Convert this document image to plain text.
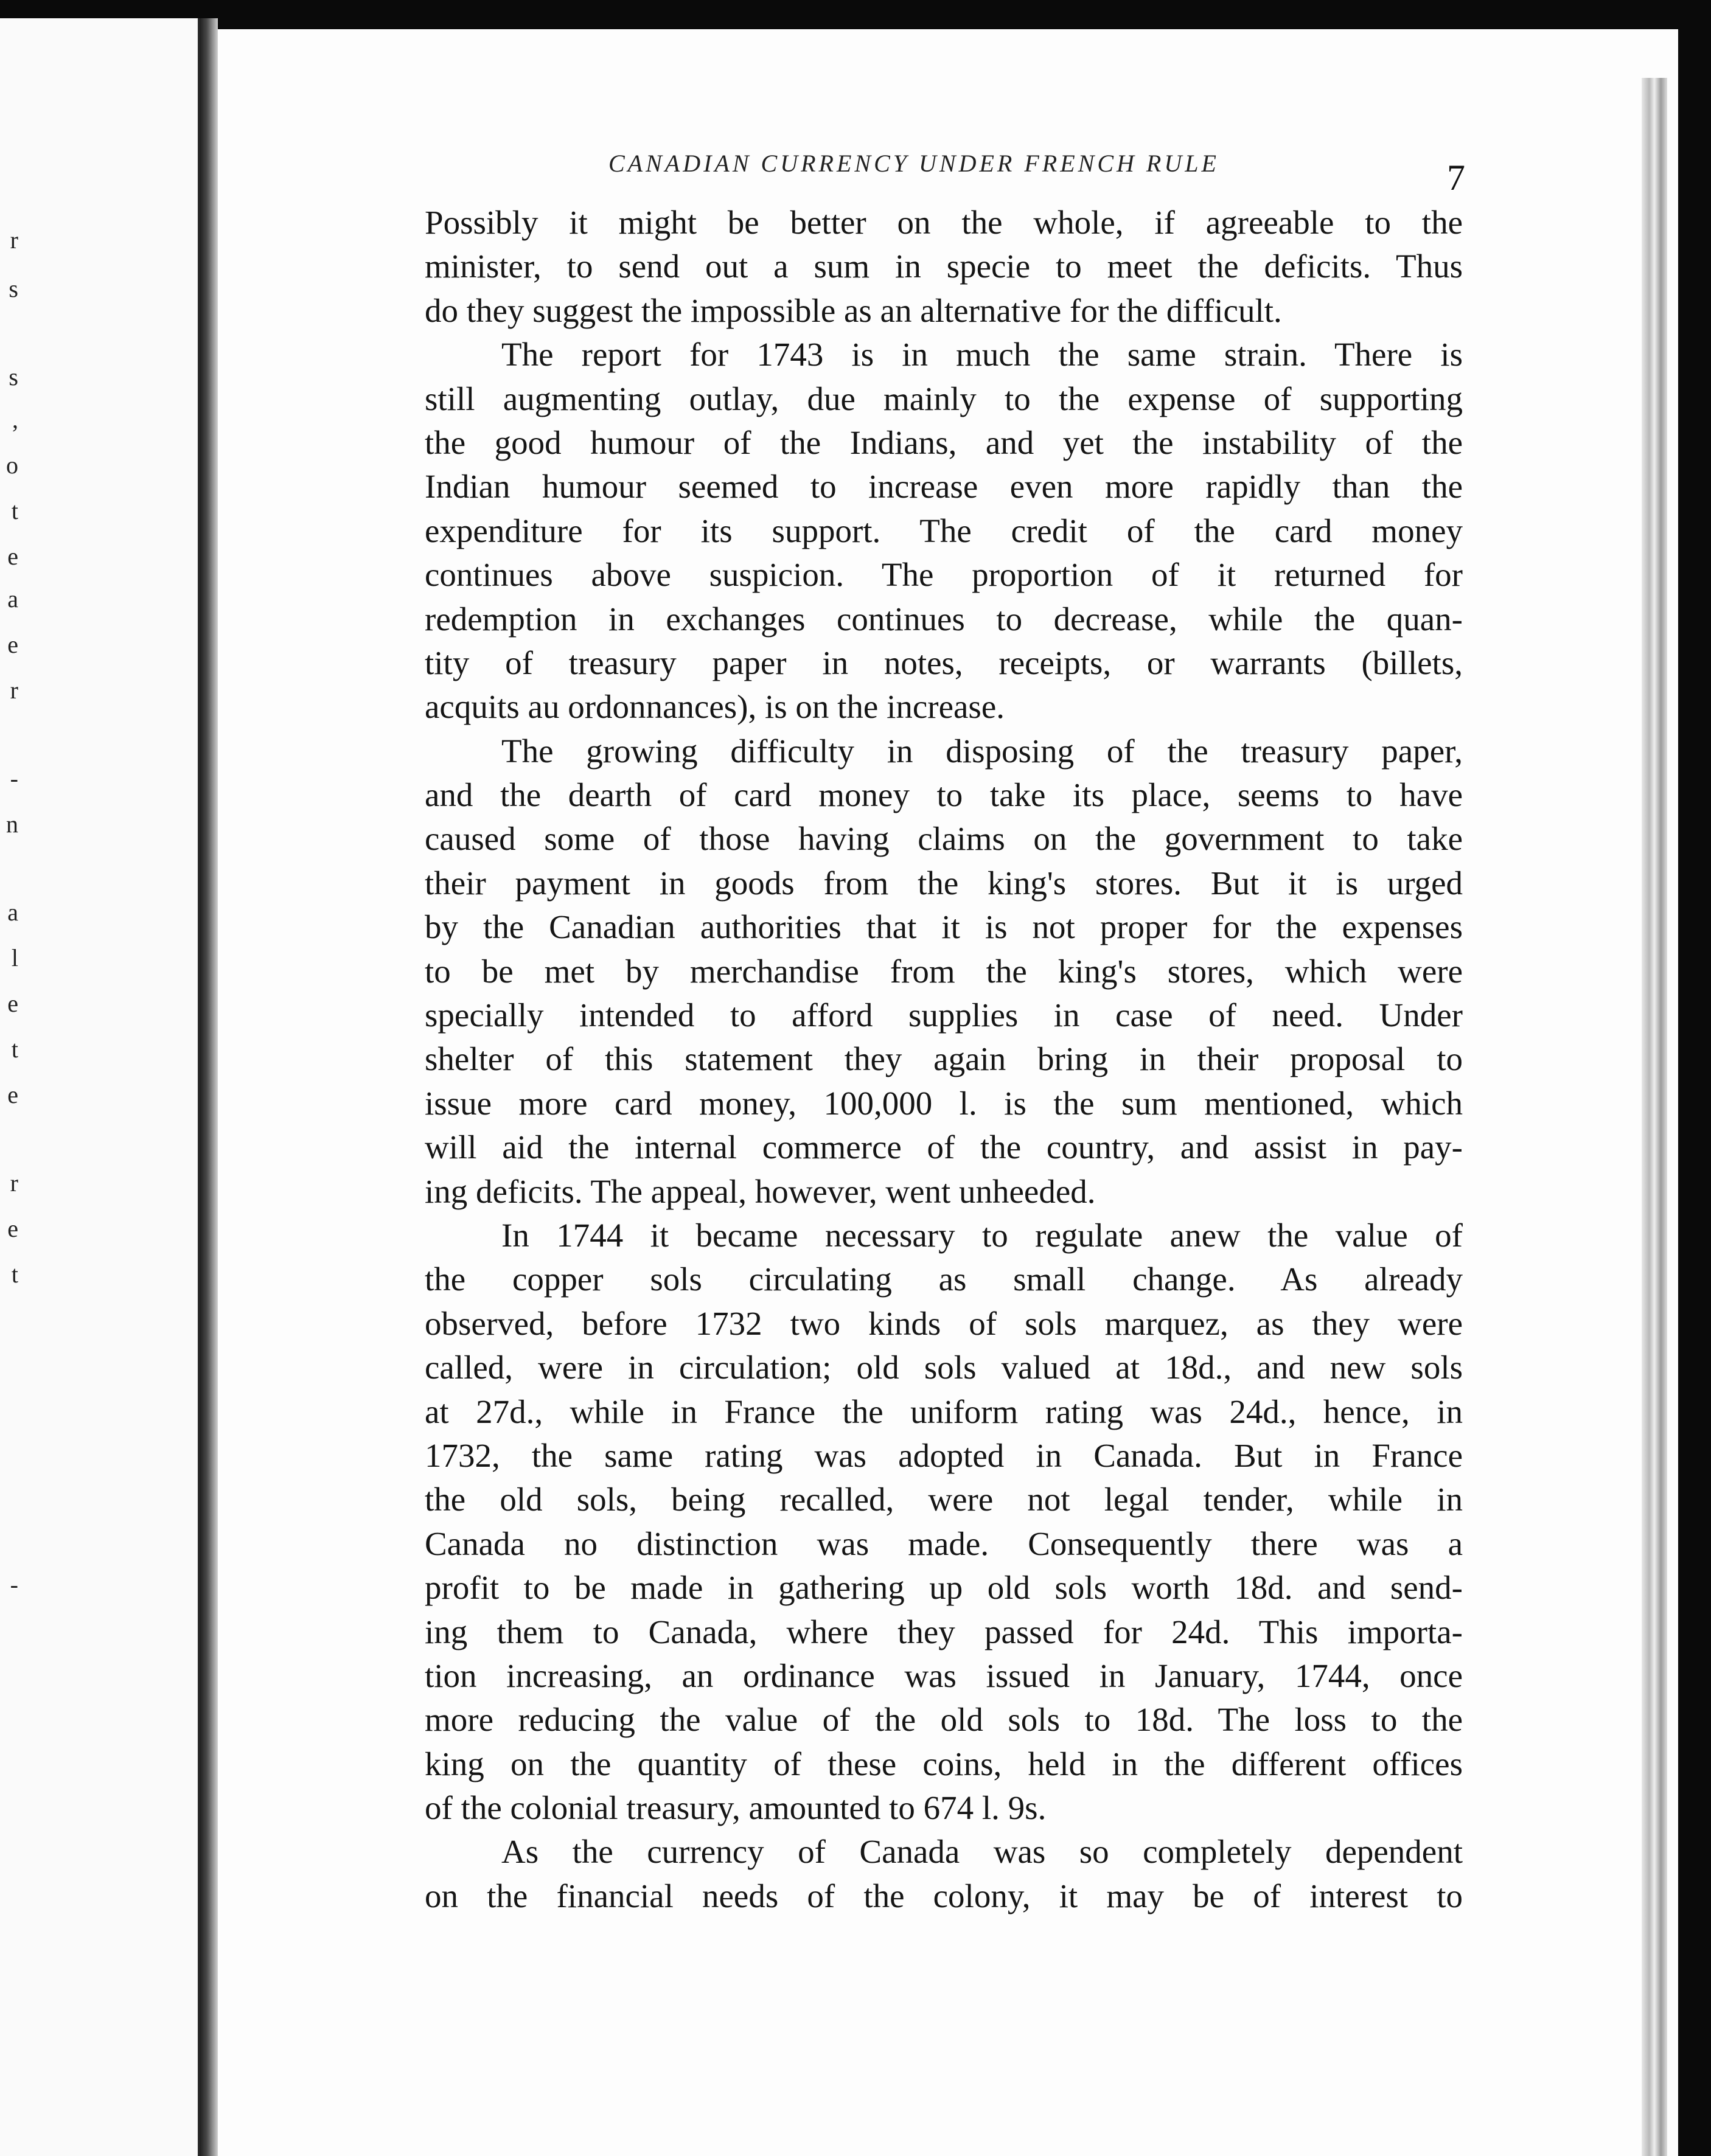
r
s
s
,
o
t
e
a
e
r
-
n
a
l
e
t
e
r
e
t
-
CANADIAN CURRENCY UNDER FRENCH RULE	7
Possibly it might be better on the whole, if agreeable to the
minister, to send out a sum in specie to meet the deficits. Thus
do they suggest the impossible as an alternative for the difficult.
The report for 1743 is in much the same strain. There is
still augmenting outlay, due mainly to the expense of supporting
the good humour of the Indians, and yet the instability of the
Indian humour seemed to increase even more rapidly than the
expenditure for its support. The credit of the card money
continues above suspicion. The proportion of it returned for
redemption in exchanges continues to decrease, while the quan-
tity of treasury paper in notes, receipts, or warrants (billets,
acquits au ordonnances), is on the increase.
The growing difficulty in disposing of the treasury paper,
and the dearth of card money to take its place, seems to have
caused some of those having claims on the government to take
their payment in goods from the king's stores. But it is urged
by the Canadian authorities that it is not proper for the expenses
to be met by merchandise from the king's stores, which were
specially intended to afford supplies in case of need. Under
shelter of this statement they again bring in their proposal to
issue more card money, 100,000 l. is the sum mentioned, which
will aid the internal commerce of the country, and assist in pay-
ing deficits. The appeal, however, went unheeded.
In 1744 it became necessary to regulate anew the value of
the copper sols circulating as small change. As already
observed, before 1732 two kinds of sols marquez, as they were
called, were in circulation; old sols valued at 18d., and new sols
at 27d., while in France the uniform rating was 24d., hence, in
1732, the same rating was adopted in Canada. But in France
the old sols, being recalled, were not legal tender, while in
Canada no distinction was made. Consequently there was a
profit to be made in gathering up old sols worth 18d. and send-
ing them to Canada, where they passed for 24d. This importa-
tion increasing, an ordinance was issued in January, 1744, once
more reducing the value of the old sols to 18d. The loss to the
king on the quantity of these coins, held in the different offices
of the colonial treasury, amounted to 674 l. 9s.
As the currency of Canada was so completely dependent
on the financial needs of the colony, it may be of interest to
